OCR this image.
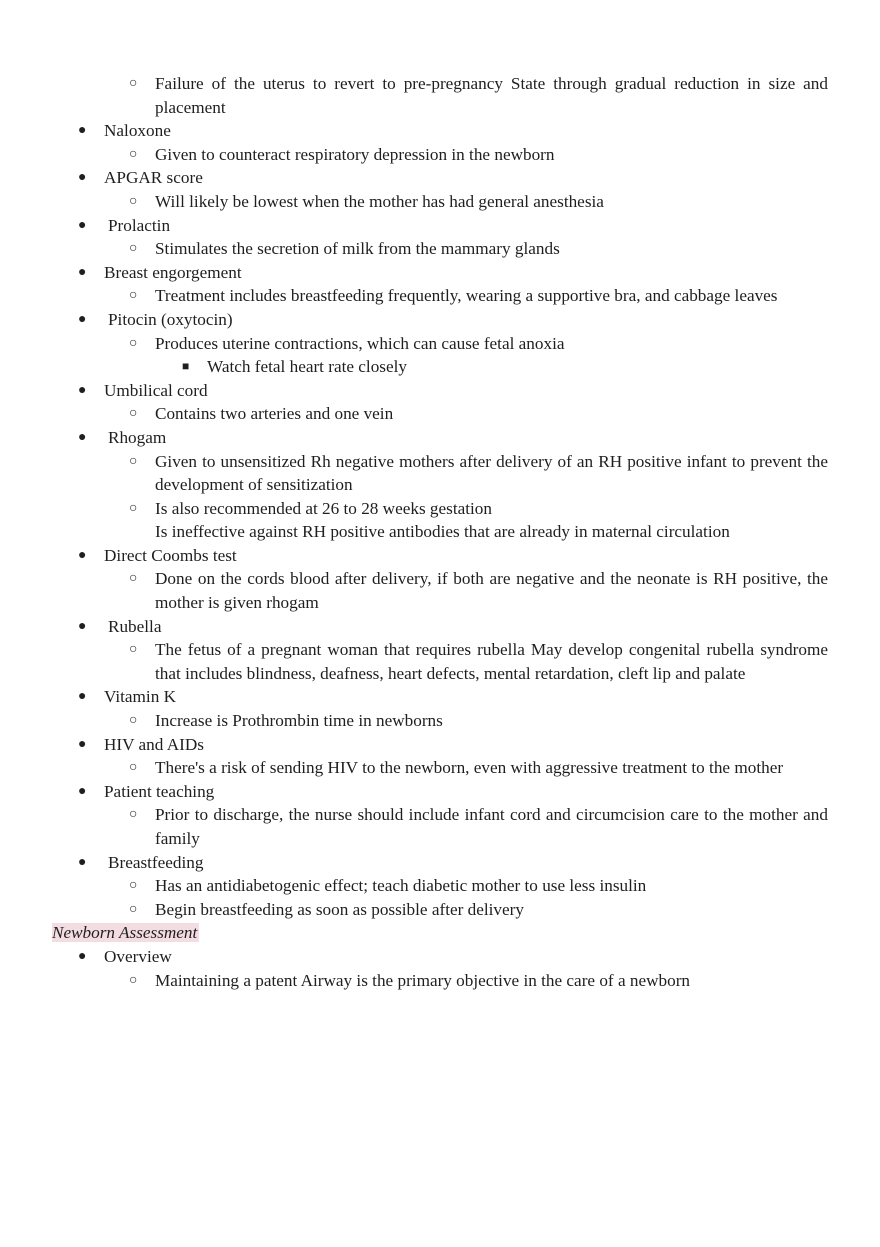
○ Failure of the uterus to revert to pre-pregnancy State through gradual reduction in size and placement
● Naloxone
○ Given to counteract respiratory depression in the newborn
● APGAR score
○ Will likely be lowest when the mother has had general anesthesia
● Prolactin
○ Stimulates the secretion of milk from the mammary glands
● Breast engorgement
○ Treatment includes breastfeeding frequently, wearing a supportive bra, and cabbage leaves
● Pitocin (oxytocin)
○ Produces uterine contractions, which can cause fetal anoxia
■ Watch fetal heart rate closely
● Umbilical cord
○ Contains two arteries and one vein
● Rhogam
○ Given to unsensitized Rh negative mothers after delivery of an RH positive infant to prevent the development of sensitization
○ Is also recommended at 26 to 28 weeks gestation
Is ineffective against RH positive antibodies that are already in maternal circulation
● Direct Coombs test
○ Done on the cords blood after delivery, if both are negative and the neonate is RH positive, the mother is given rhogam
● Rubella
○ The fetus of a pregnant woman that requires rubella May develop congenital rubella syndrome that includes blindness, deafness, heart defects, mental retardation, cleft lip and palate
● Vitamin K
○ Increase is Prothrombin time in newborns
● HIV and AIDs
○ There's a risk of sending HIV to the newborn, even with aggressive treatment to the mother
● Patient teaching
○ Prior to discharge, the nurse should include infant cord and circumcision care to the mother and family
● Breastfeeding
○ Has an antidiabetogenic effect; teach diabetic mother to use less insulin
○ Begin breastfeeding as soon as possible after delivery
Newborn Assessment
● Overview
○ Maintaining a patent Airway is the primary objective in the care of a newborn
